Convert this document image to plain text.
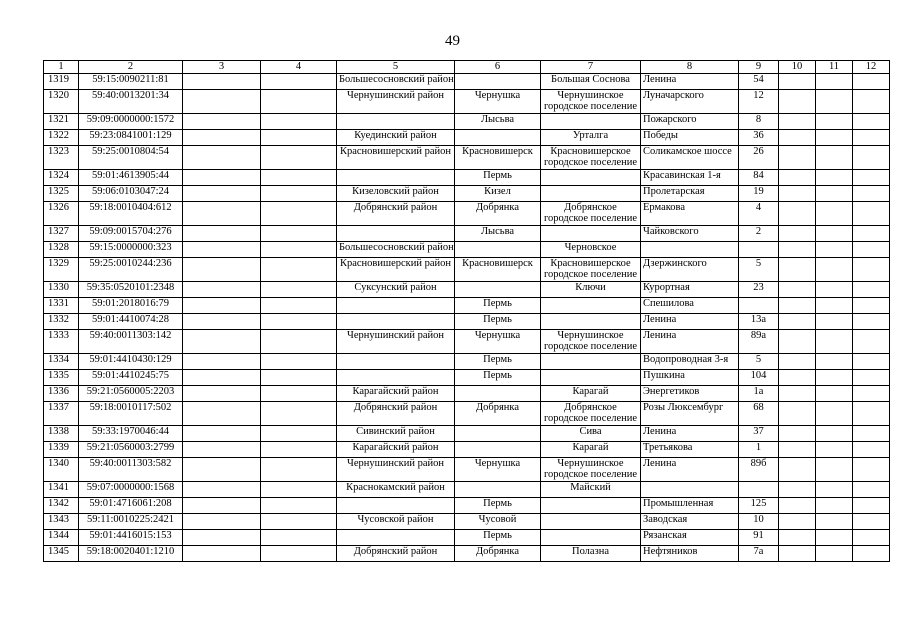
49
1	2	3	4	5	6	7	8	9	10	11	12
1319	59:15:0090211:81			Большесосновский район		Большая Соснова	Ленина	54			
1320	59:40:0013201:34			Чернушинский район	Чернушка	Чернушинское городское поселение	Луначарского	12			
1321	59:09:0000000:1572				Лысьва		Пожарского	8			
1322	59:23:0841001:129			Куединский район		Урталга	Победы	36			
1323	59:25:0010804:54			Красновишерский район	Красновишерск	Красновишерское городское поселение	Соликамское шоссе	26			
1324	59:01:4613905:44				Пермь		Красавинская 1-я	84			
1325	59:06:0103047:24			Кизеловский район	Кизел		Пролетарская	19			
1326	59:18:0010404:612			Добрянский район	Добрянка	Добрянское городское поселение	Ермакова	4			
1327	59:09:0015704:276				Лысьва		Чайковского	2			
1328	59:15:0000000:323			Большесосновский район		Черновское					
1329	59:25:0010244:236			Красновишерский район	Красновишерск	Красновишерское городское поселение	Дзержинского	5			
1330	59:35:0520101:2348			Суксунский район		Ключи	Курортная	23			
1331	59:01:2018016:79				Пермь		Спешилова				
1332	59:01:4410074:28				Пермь		Ленина	13а			
1333	59:40:0011303:142			Чернушинский район	Чернушка	Чернушинское городское поселение	Ленина	89а			
1334	59:01:4410430:129				Пермь		Водопроводная 3-я	5			
1335	59:01:4410245:75				Пермь		Пушкина	104			
1336	59:21:0560005:2203			Карагайский район		Карагай	Энергетиков	1а			
1337	59:18:0010117:502			Добрянский район	Добрянка	Добрянское городское поселение	Розы Люксембург	68			
1338	59:33:1970046:44			Сивинский район		Сива	Ленина	37			
1339	59:21:0560003:2799			Карагайский район		Карагай	Третьякова	1			
1340	59:40:0011303:582			Чернушинский район	Чернушка	Чернушинское городское поселение	Ленина	89б			
1341	59:07:0000000:1568			Краснокамский район		Майский					
1342	59:01:4716061:208				Пермь		Промышленная	125			
1343	59:11:0010225:2421			Чусовской район	Чусовой		Заводская	10			
1344	59:01:4416015:153				Пермь		Рязанская	91			
1345	59:18:0020401:1210			Добрянский район	Добрянка	Полазна	Нефтяников	7а			
